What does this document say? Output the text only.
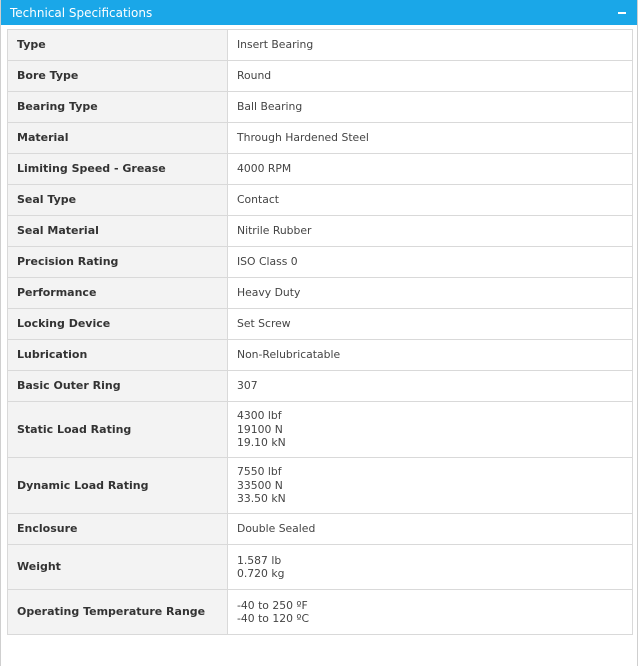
Technical Specifications
Type	Insert Bearing

Bore Type	Round

Bearing Type	Ball Bearing

Material	Through Hardened Steel

Limiting Speed - Grease	4000 RPM

Seal Type	Contact

Seal Material	Nitrile Rubber

Precision Rating	ISO Class 0

Performance	Heavy Duty

Locking Device	Set Screw

Lubrication	Non-Relubricatable

Basic Outer Ring	307

Static Load Rating	4300 lbf
19100 N
19.10 kN

Dynamic Load Rating	7550 lbf
33500 N
33.50 kN

Enclosure	Double Sealed

Weight	1.587 lb
0.720 kg

Operating Temperature Range	-40 to 250 ºF
-40 to 120 ºC
